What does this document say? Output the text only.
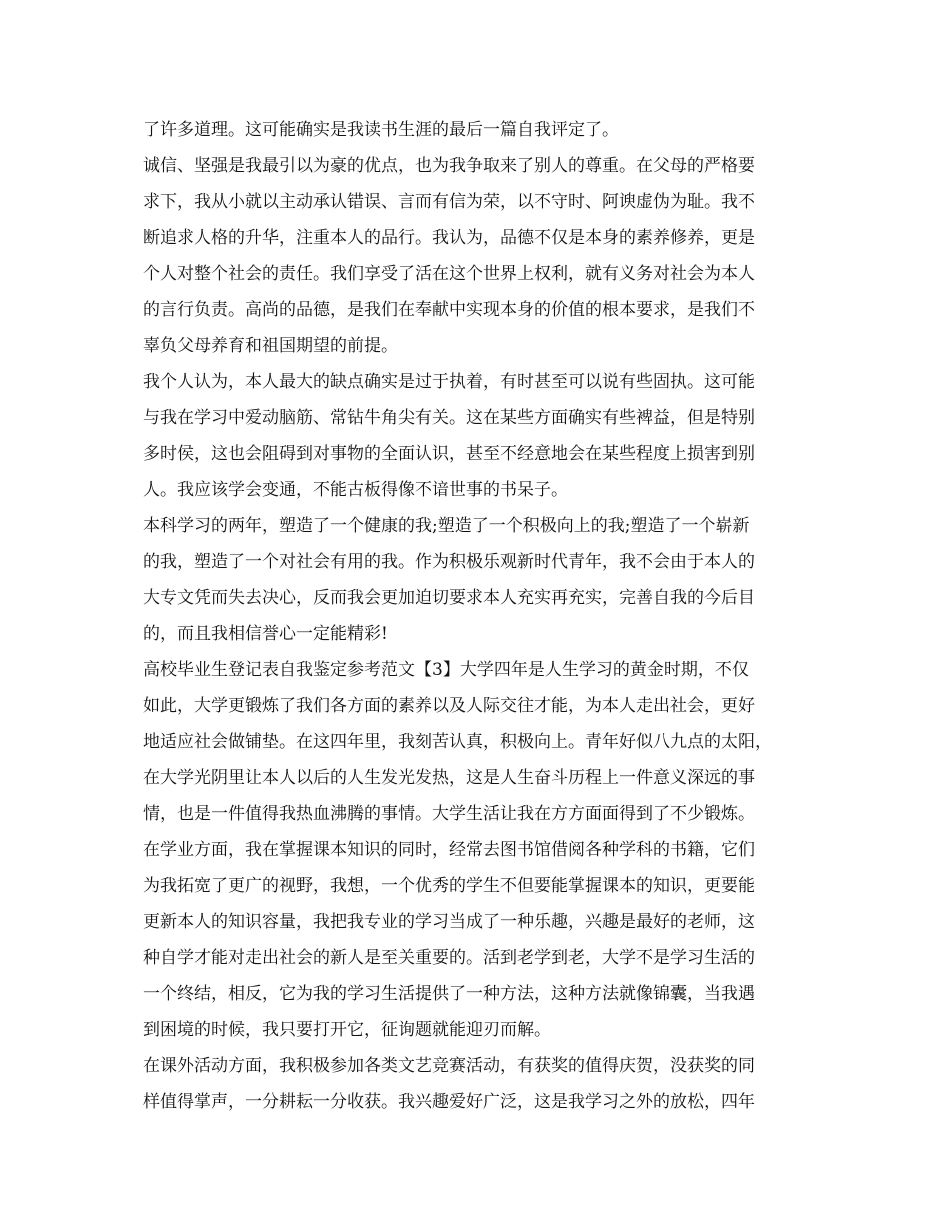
了许多道理。这可能确实是我读书生涯的最后一篇自我评定了。
诚信、坚强是我最引以为豪的优点，也为我争取来了别人的尊重。在父母的严格要
求下，我从小就以主动承认错误、言而有信为荣，以不守时、阿谀虚伪为耻。我不
断追求人格的升华，注重本人的品行。我认为，品德不仅是本身的素养修养，更是
个人对整个社会的责任。我们享受了活在这个世界上权利，就有义务对社会为本人
的言行负责。高尚的品德，是我们在奉献中实现本身的价值的根本要求，是我们不
辜负父母养育和祖国期望的前提。
我个人认为，本人最大的缺点确实是过于执着，有时甚至可以说有些固执。这可能
与我在学习中爱动脑筋、常钻牛角尖有关。这在某些方面确实有些裨益，但是特别
多时侯，这也会阻碍到对事物的全面认识，甚至不经意地会在某些程度上损害到别
人。我应该学会变通，不能古板得像不谙世事的书呆子。
本科学习的两年，塑造了一个健康的我;塑造了一个积极向上的我;塑造了一个崭新
的我，塑造了一个对社会有用的我。作为积极乐观新时代青年，我不会由于本人的
大专文凭而失去决心，反而我会更加迫切要求本人充实再充实，完善自我的今后目
的，而且我相信誉心一定能精彩!
高校毕业生登记表自我鉴定参考范文【3】大学四年是人生学习的黄金时期，不仅
如此，大学更锻炼了我们各方面的素养以及人际交往才能，为本人走出社会，更好
地适应社会做铺垫。在这四年里，我刻苦认真，积极向上。青年好似八九点的太阳，
在大学光阴里让本人以后的人生发光发热，这是人生奋斗历程上一件意义深远的事
情，也是一件值得我热血沸腾的事情。大学生活让我在方方面面得到了不少锻炼。
在学业方面，我在掌握课本知识的同时，经常去图书馆借阅各种学科的书籍，它们
为我拓宽了更广的视野，我想，一个优秀的学生不但要能掌握课本的知识，更要能
更新本人的知识容量，我把我专业的学习当成了一种乐趣，兴趣是最好的老师，这
种自学才能对走出社会的新人是至关重要的。活到老学到老，大学不是学习生活的
一个终结，相反，它为我的学习生活提供了一种方法，这种方法就像锦囊，当我遇
到困境的时候，我只要打开它，征询题就能迎刃而解。
在课外活动方面，我积极参加各类文艺竞赛活动，有获奖的值得庆贺，没获奖的同
样值得掌声，一分耕耘一分收获。我兴趣爱好广泛，这是我学习之外的放松，四年
